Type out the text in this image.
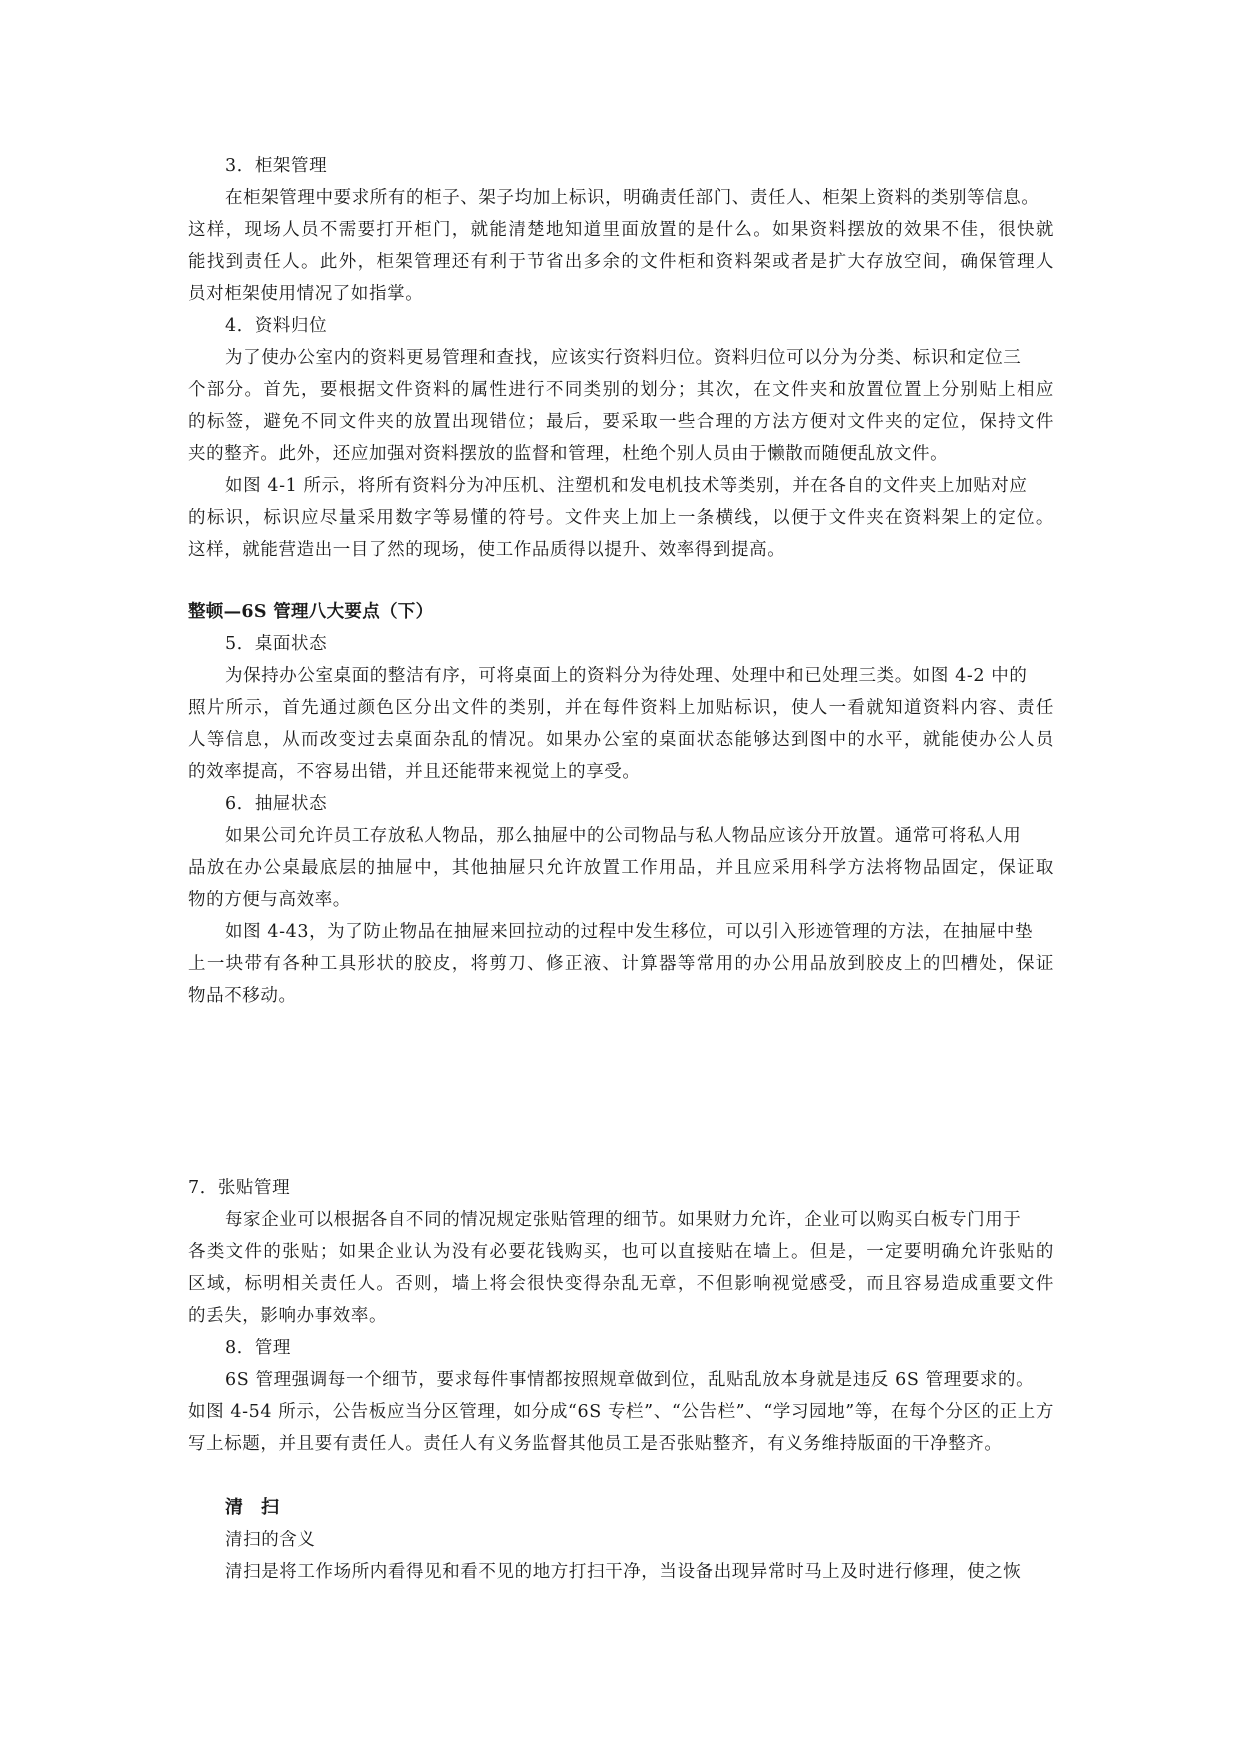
3．柜架管理
在柜架管理中要求所有的柜子、架子均加上标识，明确责任部门、责任人、柜架上资料的类别等信息。
这样，现场人员不需要打开柜门，就能清楚地知道里面放置的是什么。如果资料摆放的效果不佳，很快就
能找到责任人。此外，柜架管理还有利于节省出多余的文件柜和资料架或者是扩大存放空间，确保管理人
员对柜架使用情况了如指掌。
4．资料归位
为了使办公室内的资料更易管理和查找，应该实行资料归位。资料归位可以分为分类、标识和定位三
个部分。首先，要根据文件资料的属性进行不同类别的划分；其次，在文件夹和放置位置上分别贴上相应
的标签，避免不同文件夹的放置出现错位；最后，要采取一些合理的方法方便对文件夹的定位，保持文件
夹的整齐。此外，还应加强对资料摆放的监督和管理，杜绝个别人员由于懒散而随便乱放文件。
如图 4-1 所示，将所有资料分为冲压机、注塑机和发电机技术等类别，并在各自的文件夹上加贴对应
的标识，标识应尽量采用数字等易懂的符号。文件夹上加上一条横线，以便于文件夹在资料架上的定位。
这样，就能营造出一目了然的现场，使工作品质得以提升、效率得到提高。
整顿—6S 管理八大要点（下）
5．桌面状态
为保持办公室桌面的整洁有序，可将桌面上的资料分为待处理、处理中和已处理三类。如图 4-2 中的
照片所示，首先通过颜色区分出文件的类别，并在每件资料上加贴标识，使人一看就知道资料内容、责任
人等信息，从而改变过去桌面杂乱的情况。如果办公室的桌面状态能够达到图中的水平，就能使办公人员
的效率提高，不容易出错，并且还能带来视觉上的享受。
6．抽屉状态
如果公司允许员工存放私人物品，那么抽屉中的公司物品与私人物品应该分开放置。通常可将私人用
品放在办公桌最底层的抽屉中，其他抽屉只允许放置工作用品，并且应采用科学方法将物品固定，保证取
物的方便与高效率。
如图 4-43，为了防止物品在抽屉来回拉动的过程中发生移位，可以引入形迹管理的方法，在抽屉中垫
上一块带有各种工具形状的胶皮，将剪刀、修正液、计算器等常用的办公用品放到胶皮上的凹槽处，保证
物品不移动。
7．张贴管理
每家企业可以根据各自不同的情况规定张贴管理的细节。如果财力允许，企业可以购买白板专门用于
各类文件的张贴；如果企业认为没有必要花钱购买，也可以直接贴在墙上。但是，一定要明确允许张贴的
区域，标明相关责任人。否则，墙上将会很快变得杂乱无章，不但影响视觉感受，而且容易造成重要文件
的丢失，影响办事效率。
8．管理
6S 管理强调每一个细节，要求每件事情都按照规章做到位，乱贴乱放本身就是违反 6S 管理要求的。
如图 4-54 所示，公告板应当分区管理，如分成“6S 专栏”、“公告栏”、“学习园地”等，在每个分区的正上方
写上标题，并且要有责任人。责任人有义务监督其他员工是否张贴整齐，有义务维持版面的干净整齐。
清　扫
清扫的含义
清扫是将工作场所内看得见和看不见的地方打扫干净，当设备出现异常时马上及时进行修理，使之恢
